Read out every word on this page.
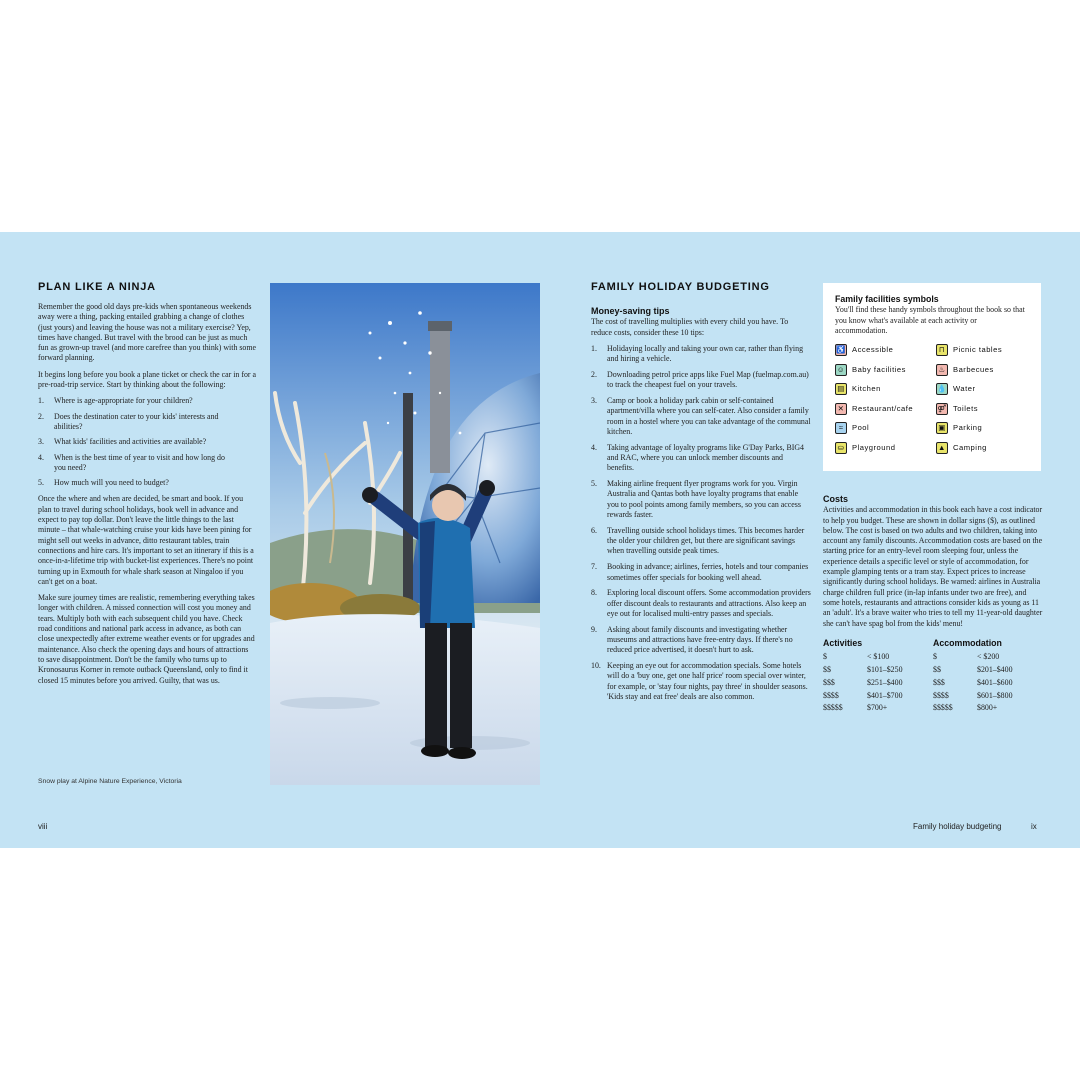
PLAN LIKE A NINJA

Remember the good old days pre-kids when spontaneous weekends away were a thing, packing entailed grabbing a change of clothes (just yours) and leaving the house was not a military exercise? Yep, times have changed. But travel with the brood can be just as much fun as grown-up travel (and more carefree than you think) with some forward planning.

It begins long before you book a plane ticket or check the car in for a pre-road-trip service. Start by thinking about the following:

1.	Where is age-appropriate for your children?
2.	Does the destination cater to your kids' interests and abilities?
3.	What kids' facilities and activities are available?
4.	When is the best time of year to visit and how long do you need?
5.	How much will you need to budget?

Once the where and when are decided, be smart and book. If you plan to travel during school holidays, book well in advance and expect to pay top dollar. Don't leave the little things to the last minute – that whale-watching cruise your kids have been pining for might sell out weeks in advance, ditto restaurant tables, train connections and hire cars. It's important to set an itinerary if this is a once-in-a-lifetime trip with bucket-list experiences. There's no point turning up in Exmouth for whale shark season at Ningaloo if you can't get on a boat.

Make sure journey times are realistic, remembering everything takes longer with children. A missed connection will cost you money and tears. Multiply both with each subsequent child you have. Check road conditions and national park access in advance, as both can close unexpectedly after extreme weather events or for upgrades and maintenance. Also check the opening days and hours of attractions to save disappointment. Don't be the family who turns up to Kronosaurus Korner in remote outback Queensland, only to find it closed 15 minutes before you arrived. Guilty, that was us.

Snow play at Alpine Nature Experience, Victoria
viii
FAMILY HOLIDAY BUDGETING
Money-saving tips

The cost of travelling multiplies with every child you have. To reduce costs, consider these 10 tips:

1.	Holidaying locally and taking your own car, rather than flying and hiring a vehicle.
2.	Downloading petrol price apps like Fuel Map (fuelmap.com.au) to track the cheapest fuel on your travels.
3.	Camp or book a holiday park cabin or self-contained apartment/villa where you can self-cater. Also consider a family room in a hostel where you can take advantage of the communal kitchen.
4.	Taking advantage of loyalty programs like G'Day Parks, BIG4 and RAC, where you can unlock member discounts and benefits.
5.	Making airline frequent flyer programs work for you. Virgin Australia and Qantas both have loyalty programs that enable you to pool points among family members, so you can access rewards faster.
6.	Travelling outside school holidays times. This becomes harder the older your children get, but there are significant savings when travelling outside peak times.
7.	Booking in advance; airlines, ferries, hotels and tour companies sometimes offer specials for booking well ahead.
8.	Exploring local discount offers. Some accommodation providers offer discount deals to restaurants and attractions. Also keep an eye out for localised multi-entry passes and specials.
9.	Asking about family discounts and investigating whether museums and attractions have free-entry days. If there's no reduced price advertised, it doesn't hurt to ask.
10. Keeping an eye out for accommodation specials. Some hotels will do a 'buy one, get one half price' room special over winter, for example, or 'stay four nights, pay three' in shoulder seasons. 'Kids stay and eat free' deals are also common.
Family facilities symbols

You'll find these handy symbols throughout the book so that you know what's available at each activity or accommodation.

♿ Accessible	⊓	Picnic tables
☺ Baby facilities	♨ Barbecues
▤ Kitchen	💧 Water
✕	Restaurant/cafe	⚤ Toilets
≈	Pool	▣ Parking
⛀	Playground	▲ Camping
Costs

Activities and accommodation in this book each have a cost indicator to help you budget. These are shown in dollar signs ($), as outlined below. The cost is based on two adults and two children, taking into account any family discounts. Accommodation costs are based on the starting price for an entry-level room sleeping four, unless the experience details a specific level or style of accommodation, for example glamping tents or a tram stay. Expect prices to increase significantly during school holidays. Be warned: airlines in Australia charge children full price (in-lap infants under two are free), and some hotels, restaurants and attractions consider kids as young as 11 an 'adult'. It's a brave waiter who tries to tell my 11-year-old daughter she can't have spag bol from the kids' menu!

Activities
$	< $100
$$	$101–$250
$$$	$251–$400
$$$$	$401–$700
$$$$$	$700+
Accommodation
$	< $200
$$	$201–$400
$$$	$401–$600
$$$$	$601–$800
$$$$$	$800+
Family holiday budgeting	ix
